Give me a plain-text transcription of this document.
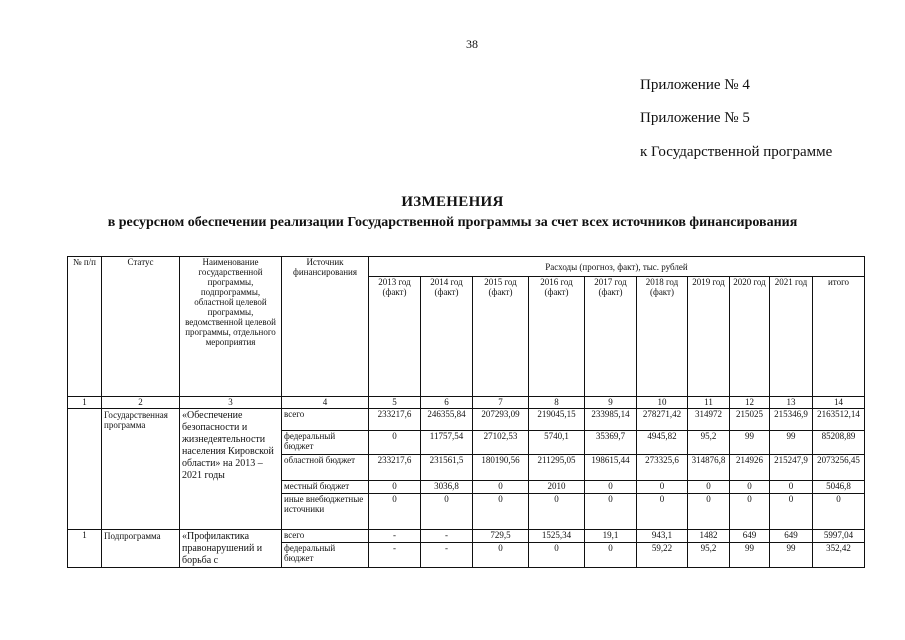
38
Приложение № 4
Приложение № 5
к Государственной программе
ИЗМЕНЕНИЯ
в ресурсном обеспечении реализации Государственной программы за счет всех источников финансирования
№ п/п	Статус	Наименование государственной программы, подпрограммы, областной целевой программы, ведомственной целевой программы, отдельного мероприятия	Источник финансирования	Расходы (прогноз, факт), тыс. рублей									
				2013 год (факт)	2014 год (факт)	2015 год (факт)	2016 год (факт)	2017 год (факт)	2018 год (факт)	2019 год	2020 год	2021 год	итого
1	2	3	4	5	6	7	8	9	10	11	12	13	14
	Государственная программа	«Обеспечение безопасности и жизнедеятельности населения Кировской области» на 2013 – 2021 годы	всего	233217,6	246355,84	207293,09	219045,15	233985,14	278271,42	314972	215025	215346,9	2163512,14
			федеральный бюджет	0	11757,54	27102,53	5740,1	35369,7	4945,82	95,2	99	99	85208,89
			областной бюджет	233217,6	231561,5	180190,56	211295,05	198615,44	273325,6	314876,8	214926	215247,9	2073256,45
			местный бюджет	0	3036,8	0	2010	0	0	0	0	0	5046,8
			иные внебюджетные источники	0	0	0	0	0	0	0	0	0	0
1	Подпрограмма	«Профилактика правонарушений и борьба с	всего	-	-	729,5	1525,34	19,1	943,1	1482	649	649	5997,04
			федеральный бюджет	-	-	0	0	0	59,22	95,2	99	99	352,42
